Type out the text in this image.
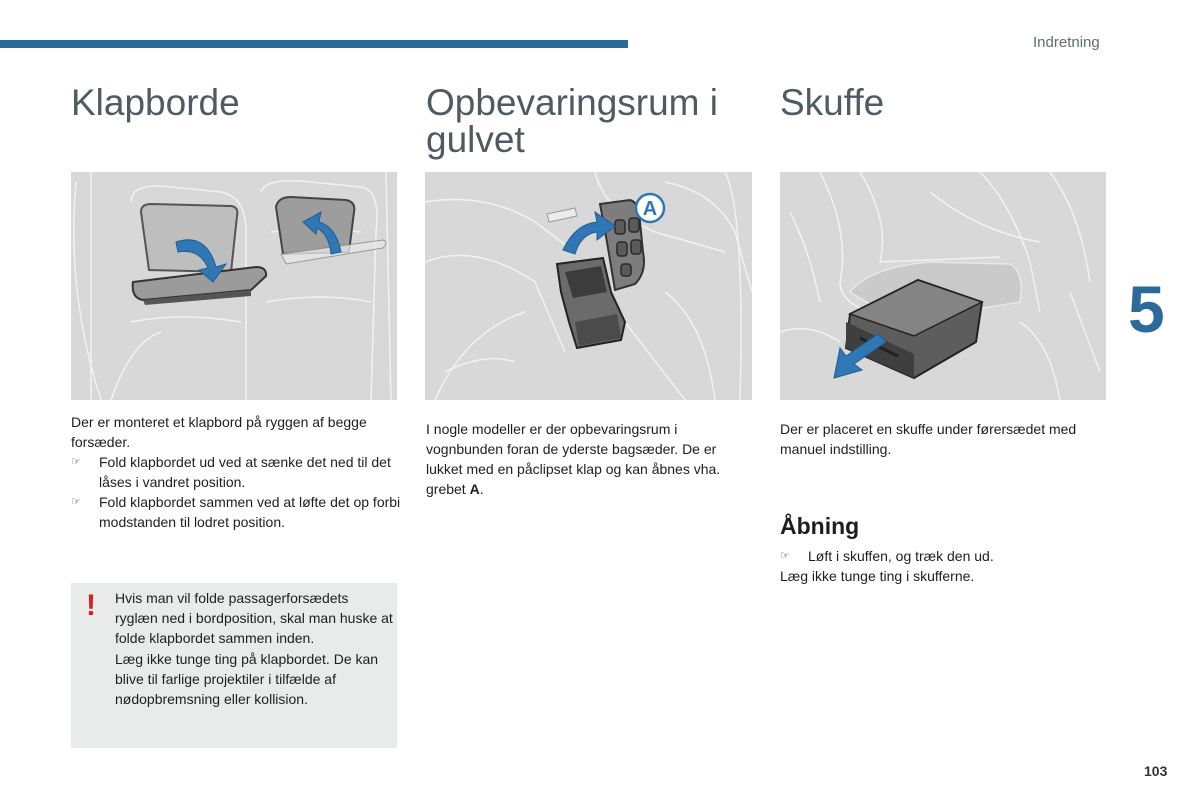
Indretning
5
103
Klapborde
Der er monteret et klapbord på ryggen af begge forsæder.
☞ Fold klapbordet ud ved at sænke det ned til det låses i vandret position.
☞ Fold klapbordet sammen ved at løfte det op forbi modstanden til lodret position.
! Hvis man vil folde passagerforsædets ryglæn ned i bordposition, skal man huske at folde klapbordet sammen inden.
Læg ikke tunge ting på klapbordet. De kan blive til farlige projektiler i tilfælde af nødopbremsning eller kollision.
Opbevaringsrum i
gulvet
A

I nogle modeller er der opbevaringsrum i vognbunden foran de yderste bagsæder. De er lukket med en påclipset klap og kan åbnes vha. grebet A.

Skuffe

Der er placeret en skuffe under førersædet med manuel indstilling.

Åbning
☞ Løft i skuffen, og træk den ud.
Læg ikke tunge ting i skufferne.
